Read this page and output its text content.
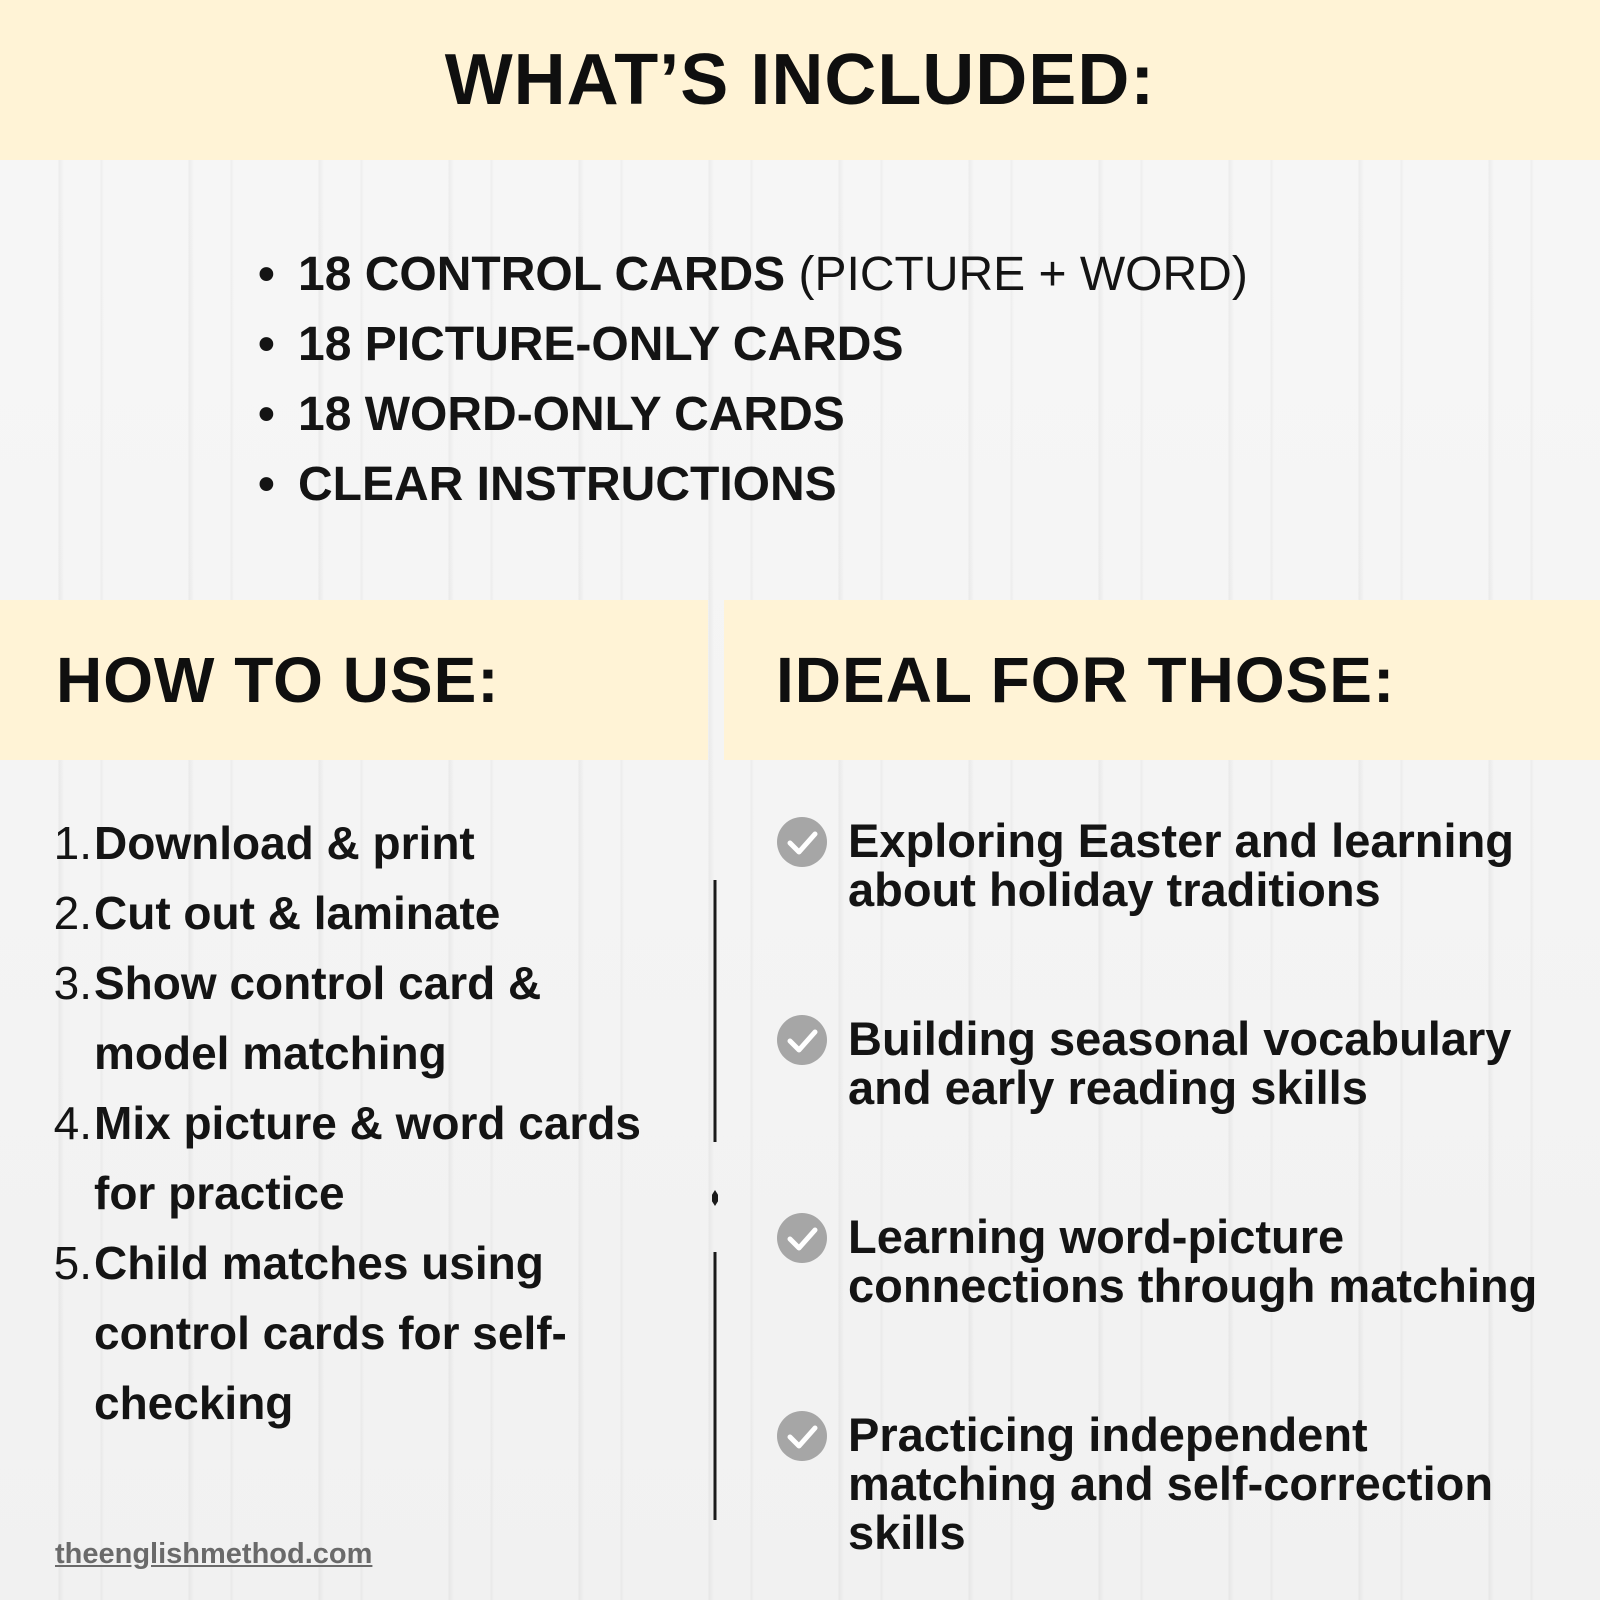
WHAT’S INCLUDED:
• 18 CONTROL CARDS (PICTURE + WORD)
• 18 PICTURE-ONLY CARDS
• 18 WORD-ONLY CARDS
• CLEAR INSTRUCTIONS
HOW TO USE:	IDEAL FOR THOSE:
1. Download & print
2. Cut out & laminate
3. Show control card & model matching
4. Mix picture & word cards for practice
5. Child matches using control cards for self-checking
Exploring Easter and learning about holiday traditions
Building seasonal vocabulary and early reading skills
Learning word-picture connections through matching
Practicing independent matching and self-correction skills
theenglishmethod.com
